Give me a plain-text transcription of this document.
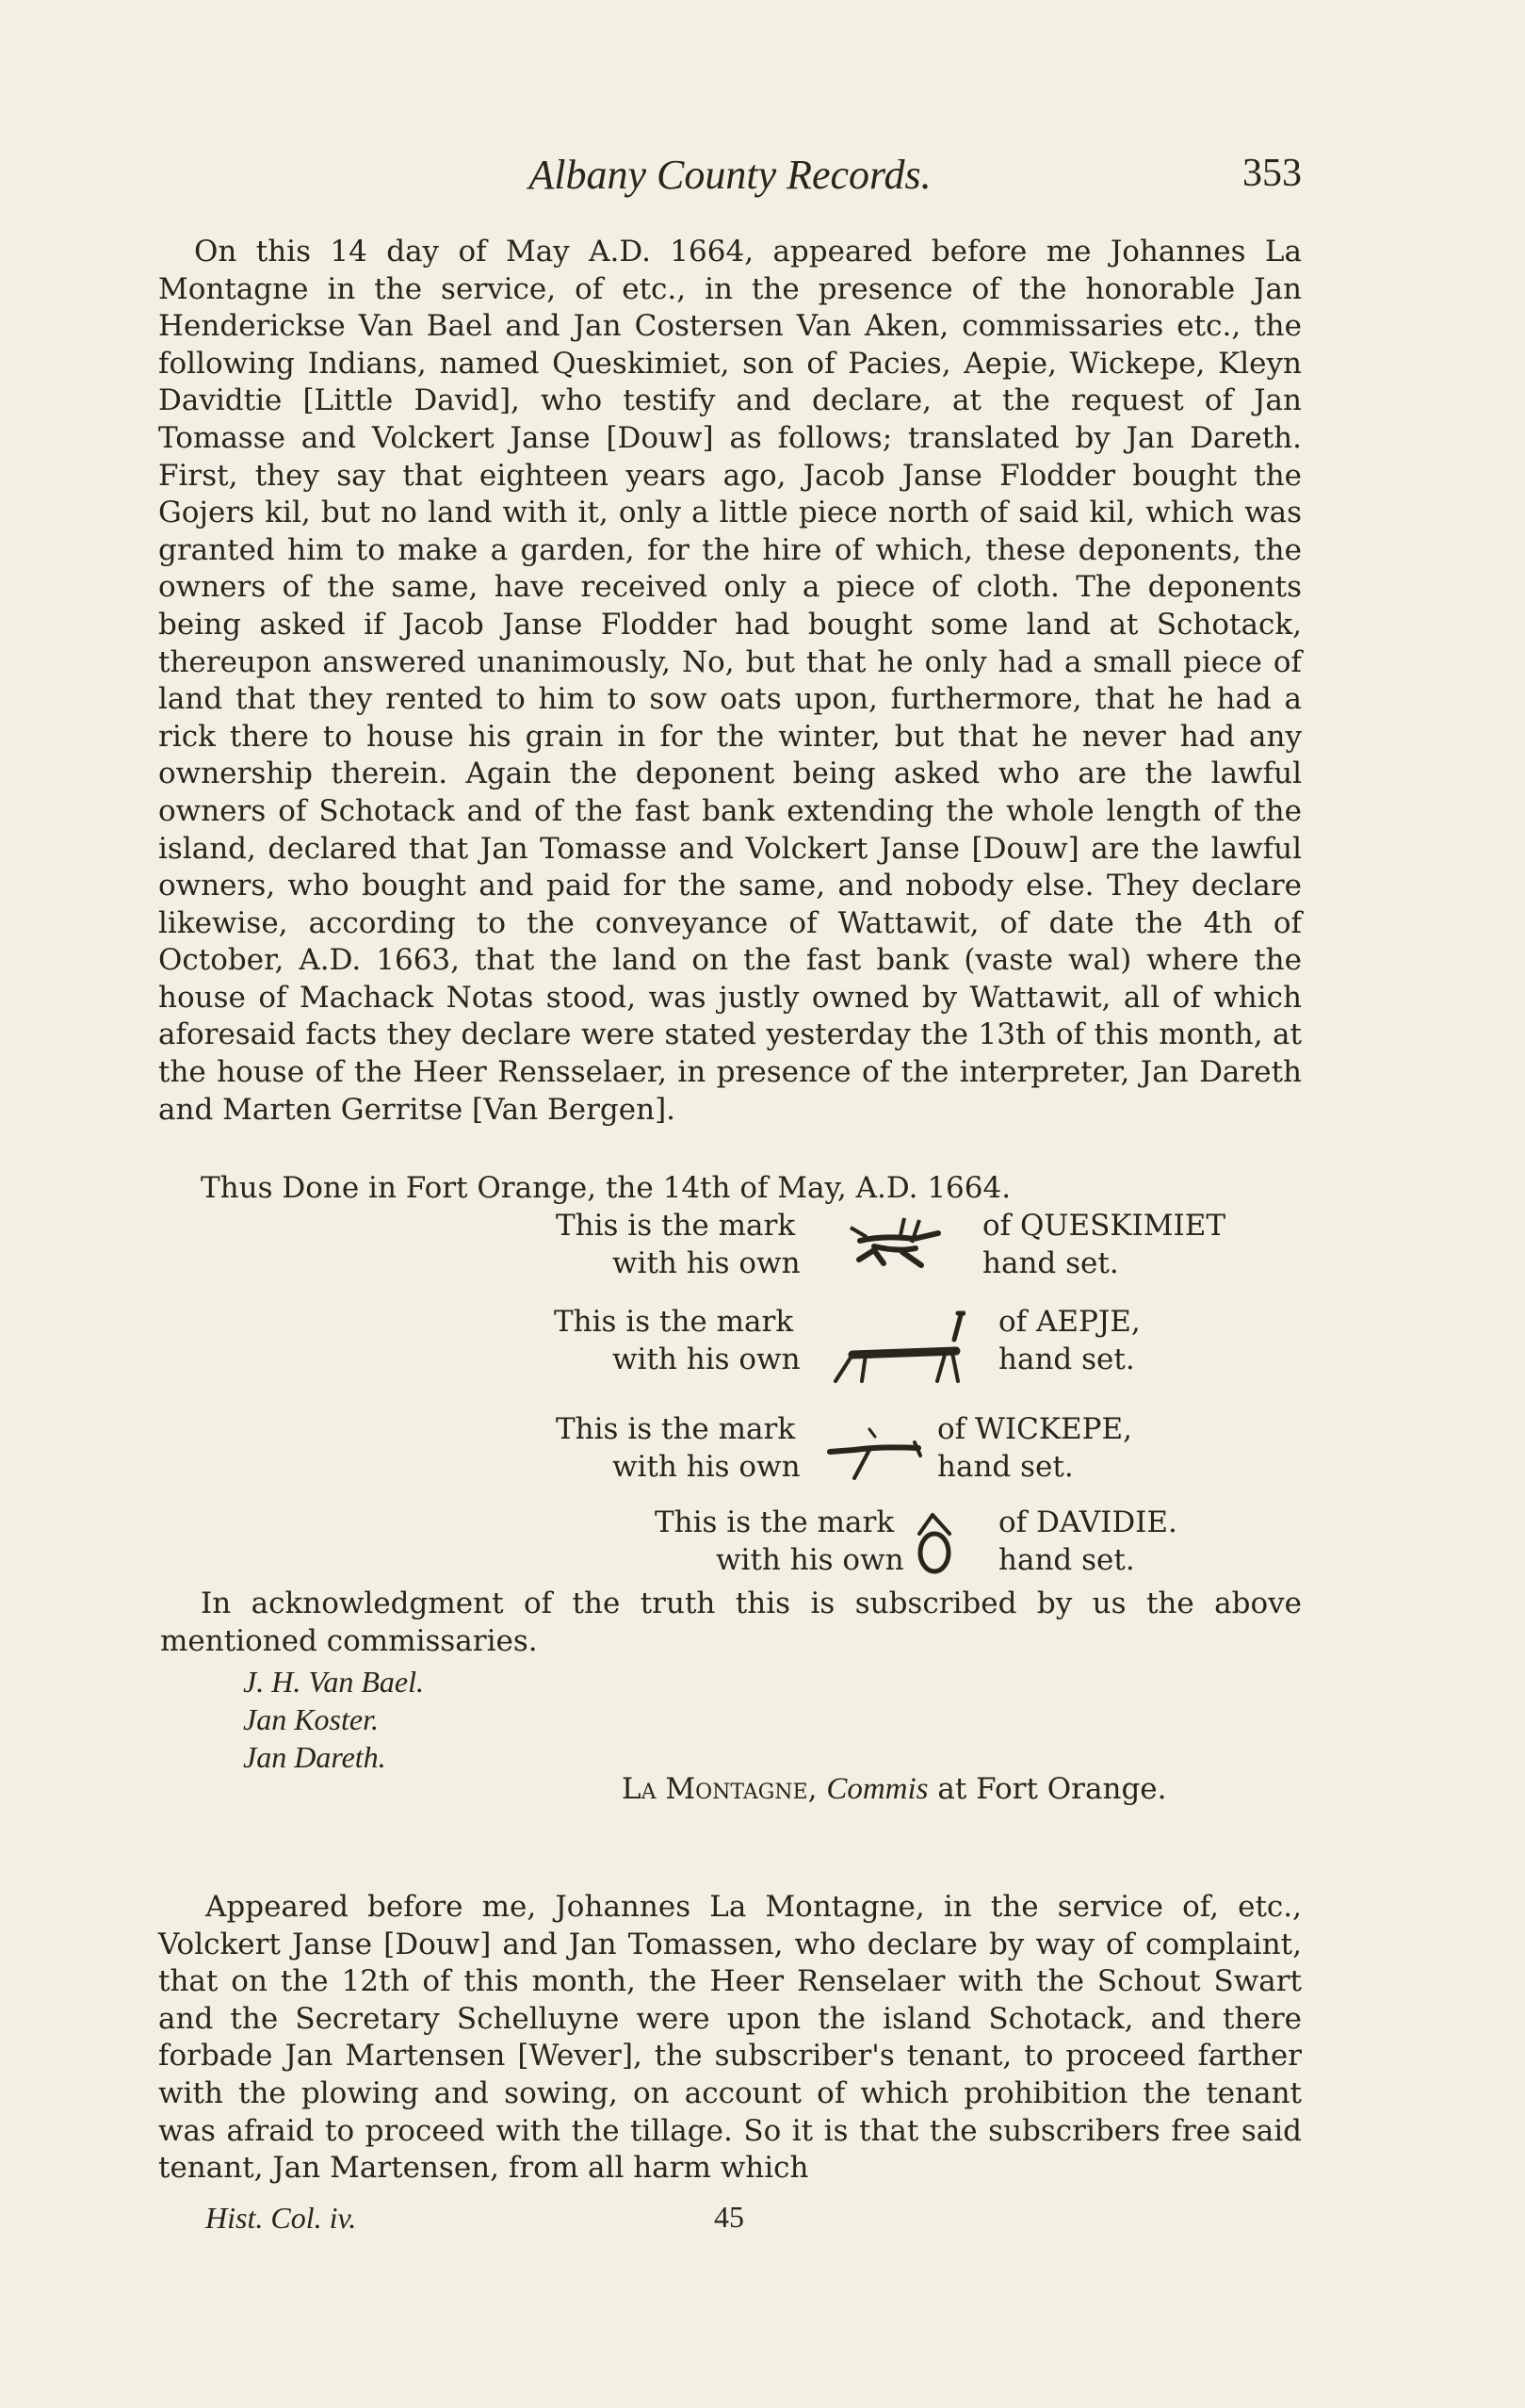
Albany County Records.	353

On this 14 day of May A.D. 1664, appeared before me Johannes La Montagne in the service, of etc., in the presence of the honorable Jan Henderickse Van Bael and Jan Costersen Van Aken, commissaries etc., the following Indians, named Queskimiet, son of Pacies, Aepie, Wickepe, Kleyn Davidtie [Little David], who testify and declare, at the request of Jan Tomasse and Volckert Janse [Douw] as follows; translated by Jan Dareth. First, they say that eighteen years ago, Jacob Janse Flodder bought the Gojers kil, but no land with it, only a little piece north of said kil, which was granted him to make a garden, for the hire of which, these deponents, the owners of the same, have received only a piece of cloth. The deponents being asked if Jacob Janse Flodder had bought some land at Schotack, thereupon answered unanimously, No, but that he only had a small piece of land that they rented to him to sow oats upon, furthermore, that he had a rick there to house his grain in for the winter, but that he never had any ownership therein. Again the deponent being asked who are the lawful owners of Schotack and of the fast bank extending the whole length of the island, declared that Jan Tomasse and Volckert Janse [Douw] are the lawful owners, who bought and paid for the same, and nobody else. They declare likewise, according to the conveyance of Wattawit, of date the 4th of October, A.D. 1663, that the land on the fast bank (vaste wal) where the house of Machack Notas stood, was justly owned by Wattawit, all of which aforesaid facts they declare were stated yesterday the 13th of this month, at the house of the Heer Rensselaer, in presence of the interpreter, Jan Dareth and Marten Gerritse [Van Bergen].

Thus Done in Fort Orange, the 14th of May, A.D. 1664.

This is the mark
with his own
of QUESKIMIET
hand set.
This is the mark
with his own
of AEPJE,
hand set.
This is the mark
with his own
of WICKEPE,
hand set.
This is the mark
with his own
of DAVIDIE.
hand set.

In acknowledgment of the truth this is subscribed by us the above

mentioned commissaries.

J. H. Van Bael.
Jan Koster.
Jan Dareth.
La Montagne, Commis at Fort Orange.

Appeared before me, Johannes La Montagne, in the service of, etc., Volckert Janse [Douw] and Jan Tomassen, who declare by way of complaint, that on the 12th of this month, the Heer Renselaer with the Schout Swart and the Secretary Schelluyne were upon the island Schotack, and there forbade Jan Martensen [Wever], the subscriber's tenant, to proceed farther with the plowing and sowing, on account of which prohibition the tenant was afraid to proceed with the tillage. So it is that the subscribers free said tenant, Jan Martensen, from all harm which

Hist. Col. iv.	45
